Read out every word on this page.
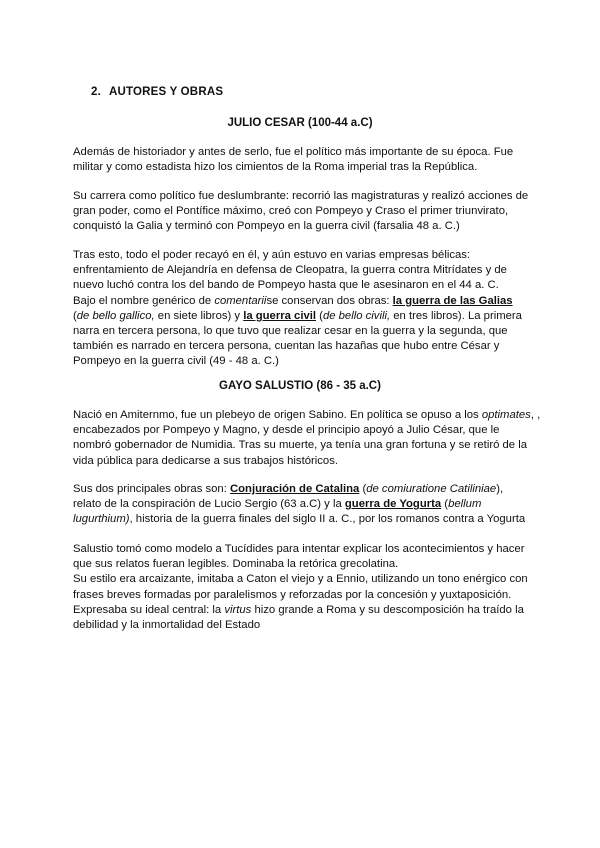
2. AUTORES Y OBRAS
JULIO CESAR (100-44 a.C)
Además de historiador y antes de serlo, fue el político más importante de su época. Fue
militar y como estadista hizo los cimientos de la Roma imperial tras la República.
Su carrera como político fue deslumbrante: recorrió las magistraturas y realizó acciones de
gran poder, como el Pontífice máximo, creó con Pompeyo y Craso el primer triunvirato,
conquistó la Galia y terminó con Pompeyo en la guerra civil (farsalia 48 a. C.)
Tras esto, todo el poder recayó en él, y aún estuvo en varias empresas bélicas:
enfrentamiento de Alejandría en defensa de Cleopatra, la guerra contra Mitrídates y de
nuevo luchó contra los del bando de Pompeyo hasta que le asesinaron en el 44 a. C.
Bajo el nombre genérico de comentariise conservan dos obras: la guerra de las Galias
(de bello gallico, en siete libros) y la guerra civil (de bello civili, en tres libros). La primera
narra en tercera persona, lo que tuvo que realizar cesar en la guerra y la segunda, que
también es narrado en tercera persona, cuentan las hazañas que hubo entre César y
Pompeyo en la guerra civil (49 - 48 a. C.)
GAYO SALUSTIO (86 - 35 a.C)
Nació en Amiternmo, fue un plebeyo de origen Sabino. En política se opuso a los optimates, ,
encabezados por Pompeyo y Magno, y desde el principio apoyó a Julio César, que le
nombró gobernador de Numidia. Tras su muerte, ya tenía una gran fortuna y se retiró de la
vida pública para dedicarse a sus trabajos históricos.
Sus dos principales obras son: Conjuración de Catalina (de comiuratione Catiliniae),
relato de la conspiración de Lucio Sergio (63 a.C) y la guerra de Yogurta (bellum
lugurthium), historia de la guerra finales del siglo II a. C., por los romanos contra a Yogurta
Salustio tomó como modelo a Tucídides para intentar explicar los acontecimientos y hacer
que sus relatos fueran legibles. Dominaba la retórica grecolatina.
Su estilo era arcaizante, imitaba a Caton el viejo y a Ennio, utilizando un tono enérgico con
frases breves formadas por paralelismos y reforzadas por la concesión y yuxtaposición.
Expresaba su ideal central: la virtus hizo grande a Roma y su descomposición ha traído la
debilidad y la inmortalidad del Estado
